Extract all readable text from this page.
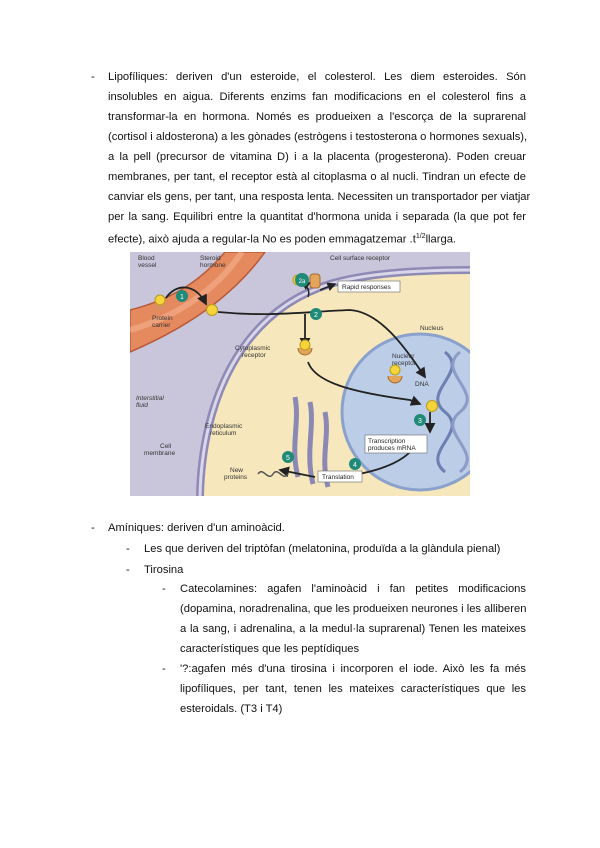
- Lipofíliques: deriven d'un esteroide, el colesterol. Les diem esteroides. Són
insolubles en aigua. Diferents enzims fan modificacions en el colesterol fins a
transformar-la en hormona. Només es produeixen a l'escorça de la suprarenal
(cortisol i aldosterona) a les gònades (estrògens i testosterona o hormones sexuals),
a la pell (precursor de vitamina D) i a la placenta (progesterona). Poden creuar
membranes, per tant, el receptor està al citoplasma o al nucli. Tindran un efecte de
canviar els gens, per tant, una resposta lenta. Necessiten un transportador per viatjar
per la sang. Equilibri entre la quantitat d'hormona unida i separada (la que pot fer
efecte), això ajuda a regular-la No es poden emmagatzemar $.t^{1/2}llarga$.
1
2a
2
3
4
5
Blood
vessel
Steroid
hormone
Protein
carrier
Cell surface receptor
Rapid responses
Nucleus
Cytoplasmic
receptor	Nuclear
receptor
DNA
Interstitial
fluid
Endoplasmic
reticulum
Cell
membrane
Transcription
produces mRNA
New
proteins	Translation
- Amíniques: deriven d'un aminoàcid.
- Les que deriven del triptòfan (melatonina, produïda a la glàndula pienal)
- Tirosina
- Catecolamines: agafen l'aminoàcid i fan petites modificacions
(dopamina, noradrenalina, que les produeixen neurones i les alliberen
a la sang, i adrenalina, a la medul·la suprarenal) Tenen les mateixes
característiques que les peptídiques
- '?:agafen més d'una tirosina i incorporen el iode. Això les fa més
lipofíliques, per tant, tenen les mateixes característiques que les
esteroidals. (T3 i T4)
